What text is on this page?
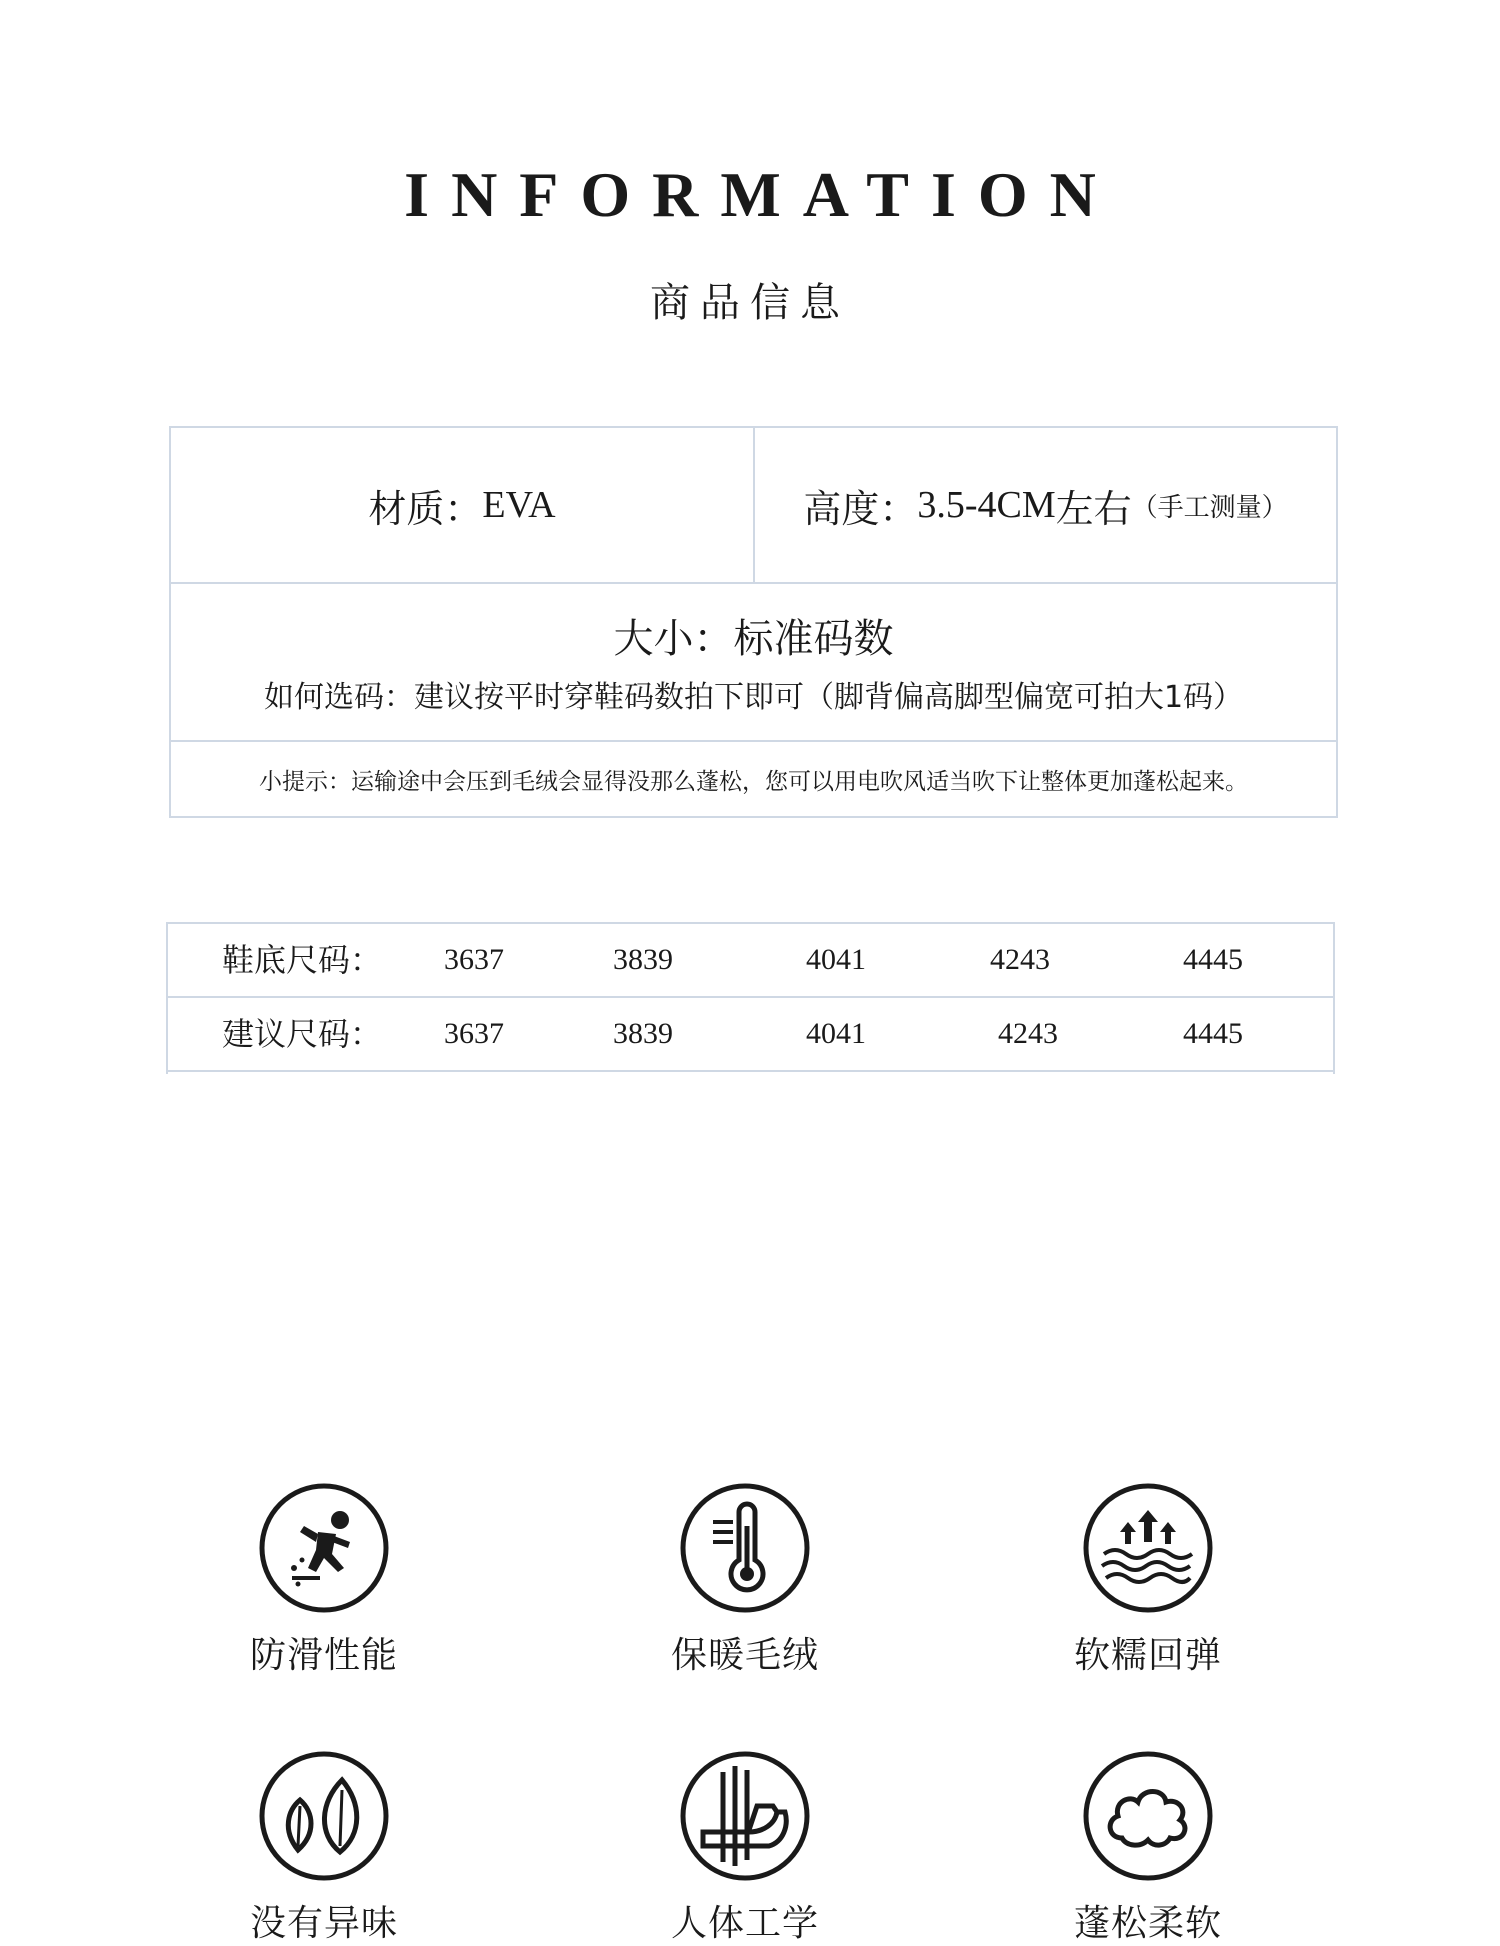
INFORMATION
商品信息
材质： EVA	高度： 3.5-4CM 左右 （手工测量）
大小：标准码数
如何选码：建议按平时穿鞋码数拍下即可（脚背偏高脚型偏宽可拍大1码）
小提示：运输途中会压到毛绒会显得没那么蓬松，您可以用电吹风适当吹下让整体更加蓬松起来。
鞋底尺码： 3637	3839	4041	4243	4445
建议尺码： 3637	3839	4041	4243	4445
防滑性能	保暖毛绒	软糯回弹
没有异味	人体工学	蓬松柔软
